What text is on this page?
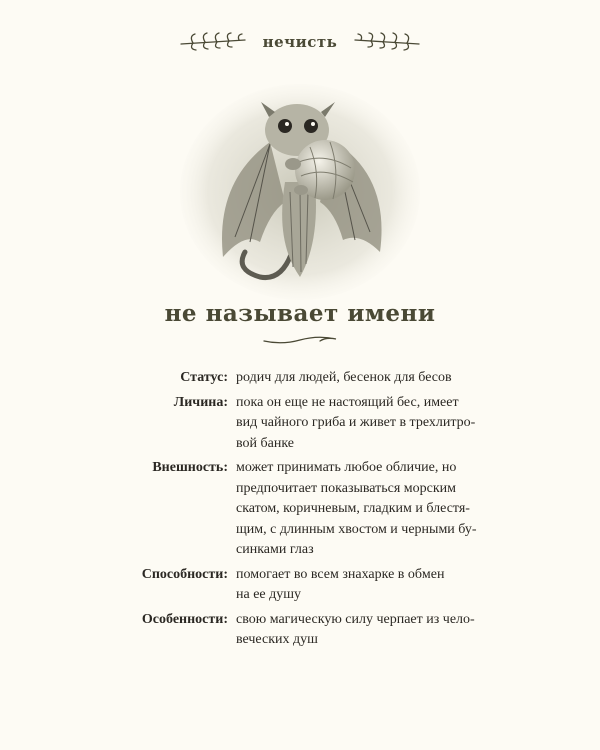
нечисть
не называет имени
Статус: родич для людей, бесенок для бесов
Личина: пока он еще не настоящий бес, имеет
вид чайного гриба и живет в трехлитро-
вой банке
Внешность: может принимать любое обличие, но
предпочитает показываться морским
скатом, коричневым, гладким и блестя-
щим, с длинным хвостом и черными бу-
синками глаз
Способности: помогает во всем знахарке в обмен
на ее душу
Особенности: свою магическую силу черпает из чело-
веческих душ
